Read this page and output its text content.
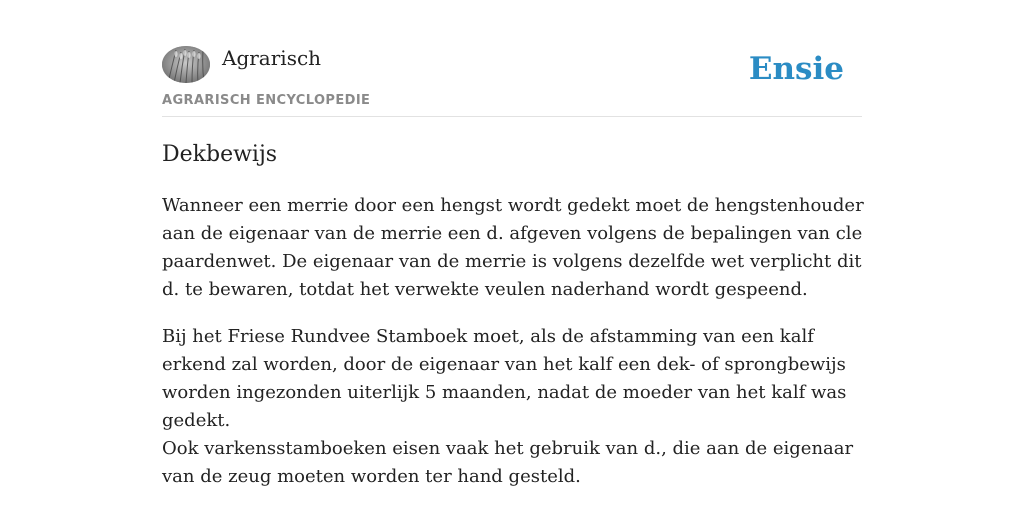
Agrarisch
AGRARISCH ENCYCLOPEDIE
Ensie
Dekbewijs

Wanneer een merrie door een hengst wordt gedekt moet de hengstenhouder aan de eigenaar van de merrie een d. afgeven volgens de bepalingen van cle paardenwet. De eigenaar van de merrie is volgens dezelfde wet verplicht dit d. te bewaren, totdat het verwekte veulen naderhand wordt gespeend.

Bij het Friese Rundvee Stamboek moet, als de afstamming van een kalf erkend zal worden, door de eigenaar van het kalf een dek- of sprongbewijs worden ingezonden uiterlijk 5 maanden, nadat de moeder van het kalf was gedekt.

Ook varkensstamboeken eisen vaak het gebruik van d., die aan de eigenaar van de zeug moeten worden ter hand gesteld.
